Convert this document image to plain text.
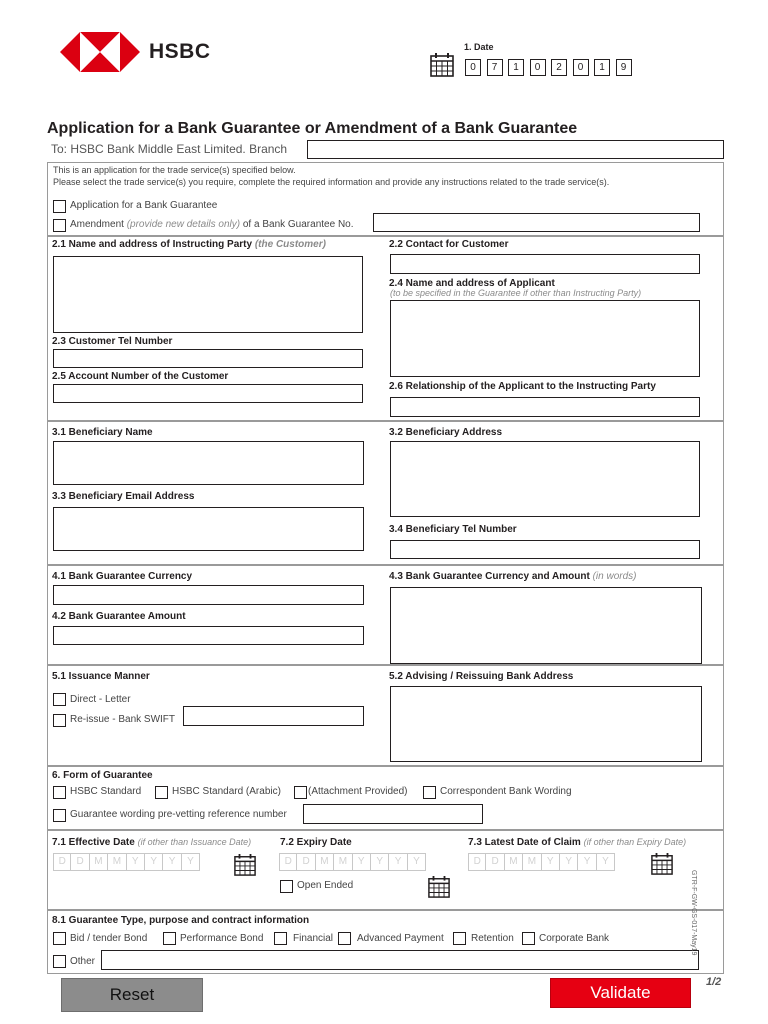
HSBC	1. Date
0	7	1	0	2	0	1	9
Application for a Bank Guarantee or Amendment of a Bank Guarantee
To: HSBC Bank Middle East Limited. Branch
This is an application for the trade service(s) specified below.
Please select the trade service(s) you require, complete the required information and provide any instructions related to the trade service(s).
Application for a Bank Guarantee
Amendment (provide new details only) of a Bank Guarantee No.
2.1 Name and address of Instructing Party (the Customer)
2.3 Customer Tel Number
2.5 Account Number of the Customer
2.2 Contact for Customer
2.4 Name and address of Applicant
(to be specified in the Guarantee if other than Instructing Party)
2.6 Relationship of the Applicant to the Instructing Party
3.1 Beneficiary Name
3.3 Beneficiary Email Address
3.2 Beneficiary Address
3.4 Beneficiary Tel Number
4.1 Bank Guarantee Currency
4.2 Bank Guarantee Amount
4.3 Bank Guarantee Currency and Amount (in words)
5.1 Issuance Manner
Direct - Letter
Re-issue - Bank SWIFT
5.2 Advising / Reissuing Bank Address
6. Form of Guarantee
HSBC Standard	HSBC Standard (Arabic)	(Attachment Provided)	Correspondent Bank Wording
Guarantee wording pre-vetting reference number
7.1 Effective Date (if other than Issuance Date)	7.2 Expiry Date	7.3 Latest Date of Claim (if other than Expiry Date)
D	D	M	M	Y	Y	Y	Y	D	D	M	M	Y	Y	Y	Y	D	D	M	M	Y	Y	Y	Y
Open Ended
8.1 Guarantee Type, purpose and contract information
Bid / tender Bond	Performance Bond	Financial Advanced Payment	Retention	Corporate Bank
Other
GTR-F-GW-GS-017-May19
1/2
Reset	Validate
